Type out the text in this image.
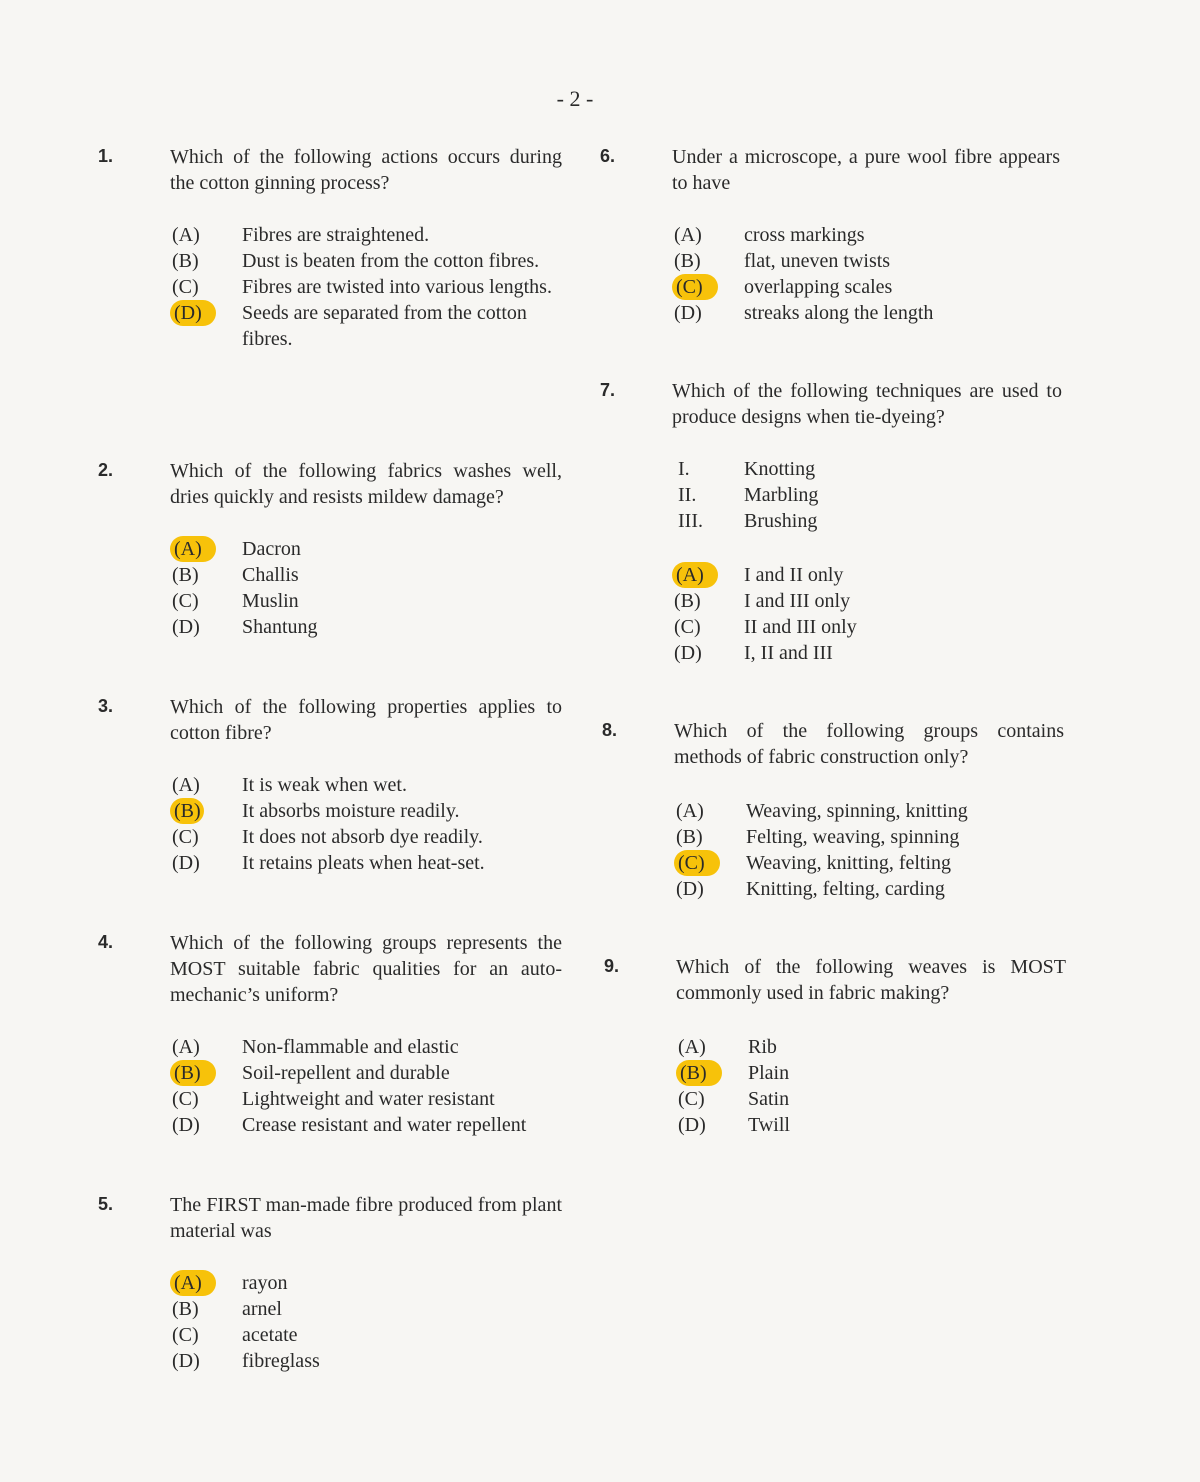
- 2 -
1.	Which of the following actions occurs during the cotton ginning process?
(A)	Fibres are straightened.
(B)	Dust is beaten from the cotton fibres.
(C)	Fibres are twisted into various lengths.
(D)	Seeds are separated from the cotton fibres.
2.	Which of the following fabrics washes well, dries quickly and resists mildew damage?
(A)	Dacron
(B)	Challis
(C)	Muslin
(D)	Shantung
3.	Which of the following properties applies to cotton fibre?
(A)	It is weak when wet.
(B) It absorbs moisture readily.
(C)	It does not absorb dye readily.
(D)	It retains pleats when heat-set.
4.	Which of the following groups represents the MOST suitable fabric qualities for an auto-mechanic’s uniform?
(A)	Non-flammable and elastic
(B)	Soil-repellent and durable
(C)	Lightweight and water resistant
(D)	Crease resistant and water repellent
5.	The FIRST man-made fibre produced from plant material was
(A)	rayon
(B)	arnel
(C)	acetate
(D)	fibreglass
6.	Under a microscope, a pure wool fibre appears to have
(A)	cross markings
(B)	flat, uneven twists
(C)	overlapping scales
(D)	streaks along the length
7.	Which of the following techniques are used to produce designs when tie-dyeing?
I.	Knotting
II.	Marbling
III.	Brushing
(A)	I and II only
(B)	I and III only
(C)	II and III only
(D)	I, II and III
8.	Which of the following groups contains methods of fabric construction only?
(A)	Weaving, spinning, knitting
(B)	Felting, weaving, spinning
(C)	Weaving, knitting, felting
(D)	Knitting, felting, carding
9.	Which of the following weaves is MOST commonly used in fabric making?
(A)	Rib
(B)	Plain
(C)	Satin
(D)	Twill
